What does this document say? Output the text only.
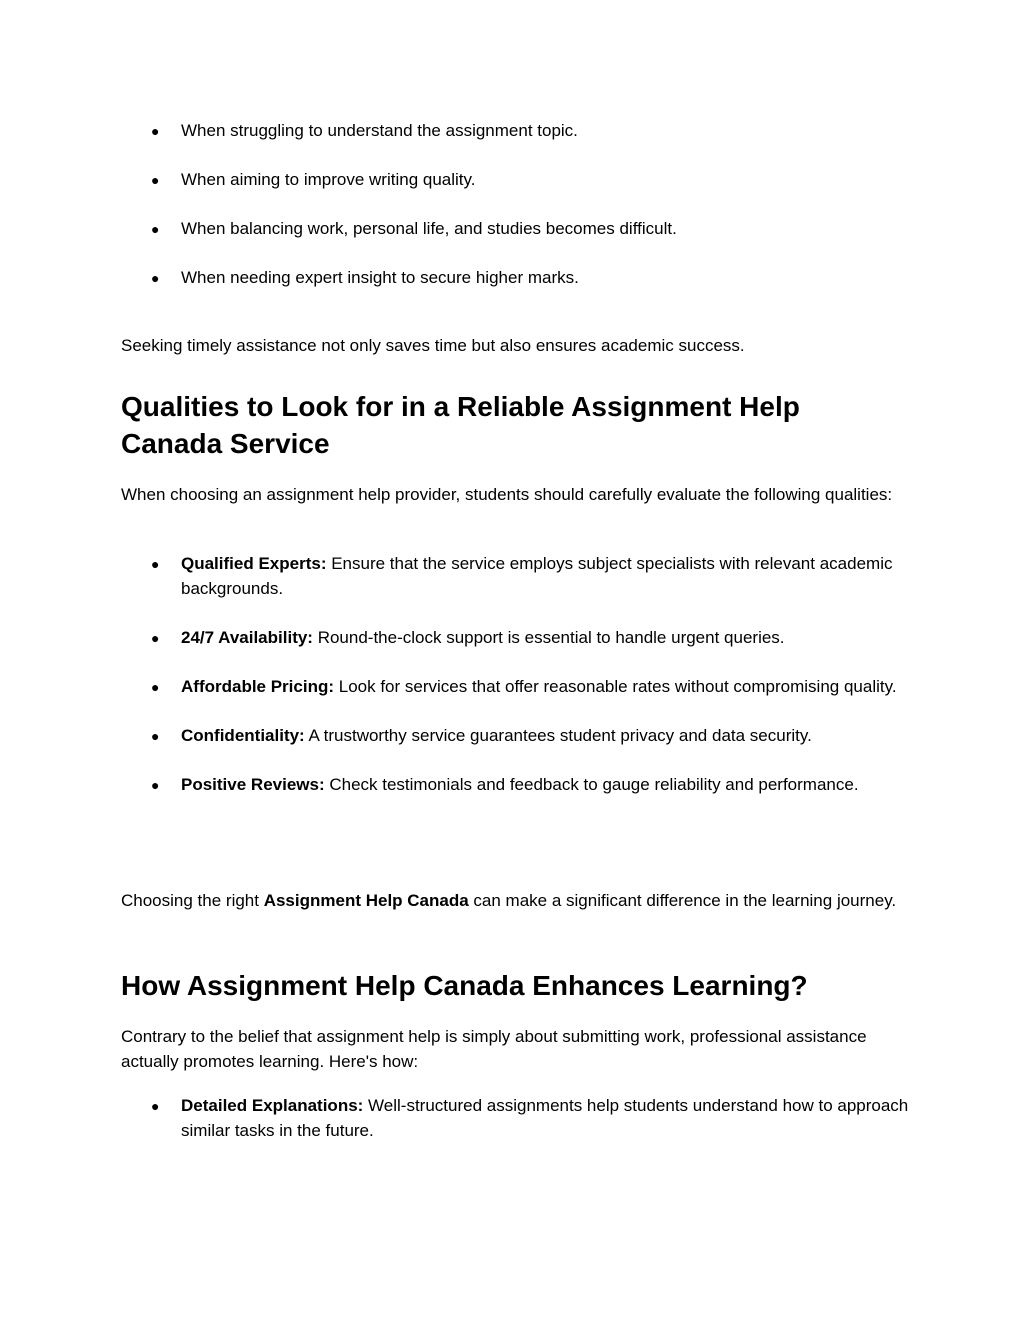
● When struggling to understand the assignment topic.
● When aiming to improve writing quality.
● When balancing work, personal life, and studies becomes difficult.
● When needing expert insight to secure higher marks.

Seeking timely assistance not only saves time but also ensures academic success.

Qualities to Look for in a Reliable Assignment Help Canada Service

When choosing an assignment help provider, students should carefully evaluate the following qualities:

● Qualified Experts: Ensure that the service employs subject specialists with relevant academic backgrounds.
● 24/7 Availability: Round-the-clock support is essential to handle urgent queries.
● Affordable Pricing: Look for services that offer reasonable rates without compromising quality.
● Confidentiality: A trustworthy service guarantees student privacy and data security.
● Positive Reviews: Check testimonials and feedback to gauge reliability and performance.

Choosing the right Assignment Help Canada can make a significant difference in the learning journey.

How Assignment Help Canada Enhances Learning?

Contrary to the belief that assignment help is simply about submitting work, professional assistance actually promotes learning. Here's how:

● Detailed Explanations: Well-structured assignments help students understand how to approach similar tasks in the future.
